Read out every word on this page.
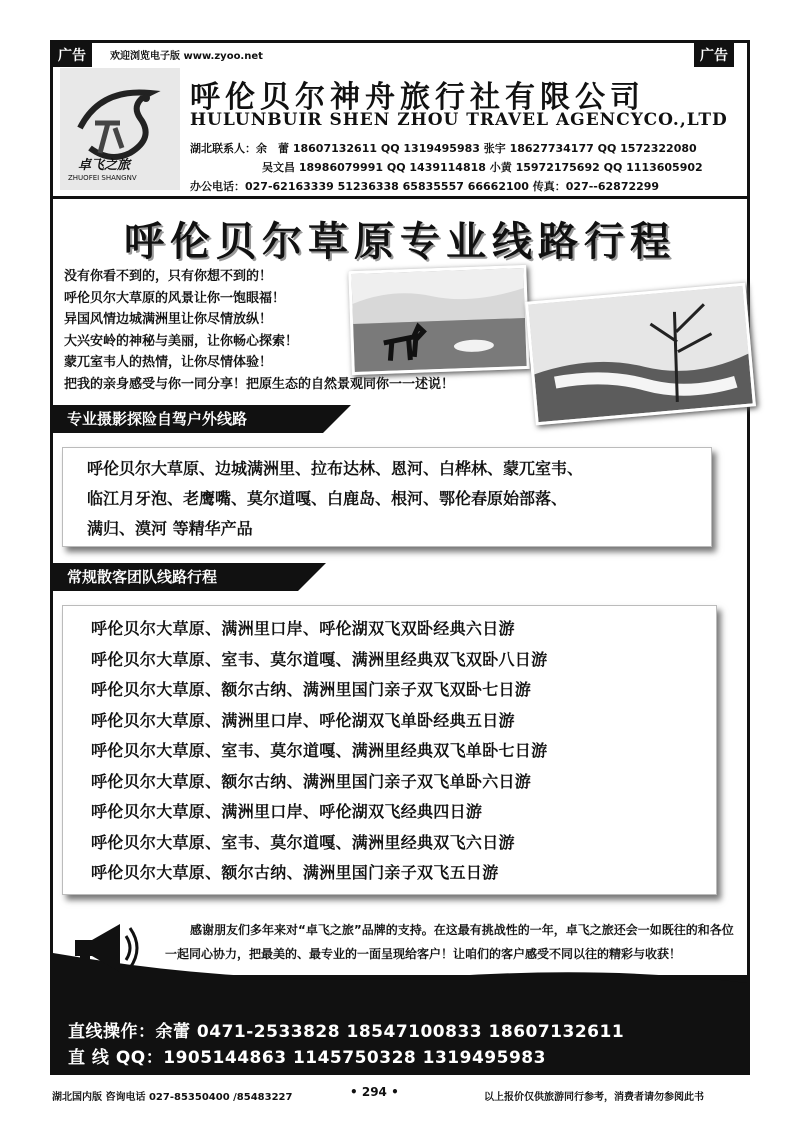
广告	广告
欢迎浏览电子版 www.zyoo.net
卓飞之旅
ZHUOFEI SHANGNV
呼伦贝尔神舟旅行社有限公司
HULUNBUIR SHEN ZHOU TRAVEL AGENCYCO.,LTD
湖北联系人：余　蕾 18607132611 QQ 1319495983 张宇 18627734177 QQ 1572322080
吴文昌 18986079991 QQ 1439114818 小黄 15972175692 QQ 1113605902
办公电话：027-62163339 51236338 65835557 66662100 传真：027--62872299
呼伦贝尔草原专业线路行程
没有你看不到的，只有你想不到的！
呼伦贝尔大草原的风景让你一饱眼福！
异国风情边城满洲里让你尽情放纵！
大兴安岭的神秘与美丽，让你畅心探索！
蒙兀室韦人的热情，让你尽情体验！
把我的亲身感受与你一同分享！把原生态的自然景观同你一一述说！
专业摄影探险自驾户外线路
呼伦贝尔大草原、边城满洲里、拉布达林、恩河、白桦林、蒙兀室韦、
临江月牙泡、老鹰嘴、莫尔道嘎、白鹿岛、根河、鄂伦春原始部落、
满归、漠河 等精华产品
常规散客团队线路行程
呼伦贝尔大草原、满洲里口岸、呼伦湖双飞双卧经典六日游
呼伦贝尔大草原、室韦、莫尔道嘎、满洲里经典双飞双卧八日游
呼伦贝尔大草原、额尔古纳、满洲里国门亲子双飞双卧七日游
呼伦贝尔大草原、满洲里口岸、呼伦湖双飞单卧经典五日游
呼伦贝尔大草原、室韦、莫尔道嘎、满洲里经典双飞单卧七日游
呼伦贝尔大草原、额尔古纳、满洲里国门亲子双飞单卧六日游
呼伦贝尔大草原、满洲里口岸、呼伦湖双飞经典四日游
呼伦贝尔大草原、室韦、莫尔道嘎、满洲里经典双飞六日游
呼伦贝尔大草原、额尔古纳、满洲里国门亲子双飞五日游
感谢朋友们多年来对“卓飞之旅”品牌的支持。在这最有挑战性的一年，卓飞之旅还会一如既往的和各位一起同心协力，把最美的、最专业的一面呈现给客户！让咱们的客户感受不同以往的精彩与收获！
直线操作：余蕾 0471-2533828 18547100833 18607132611
直 线 QQ：1905144863 1145750328 1319495983
湖北国内版 咨询电话 027-85350400 /85483227	• 294 •	以上报价仅供旅游同行参考，消费者请勿参阅此书
